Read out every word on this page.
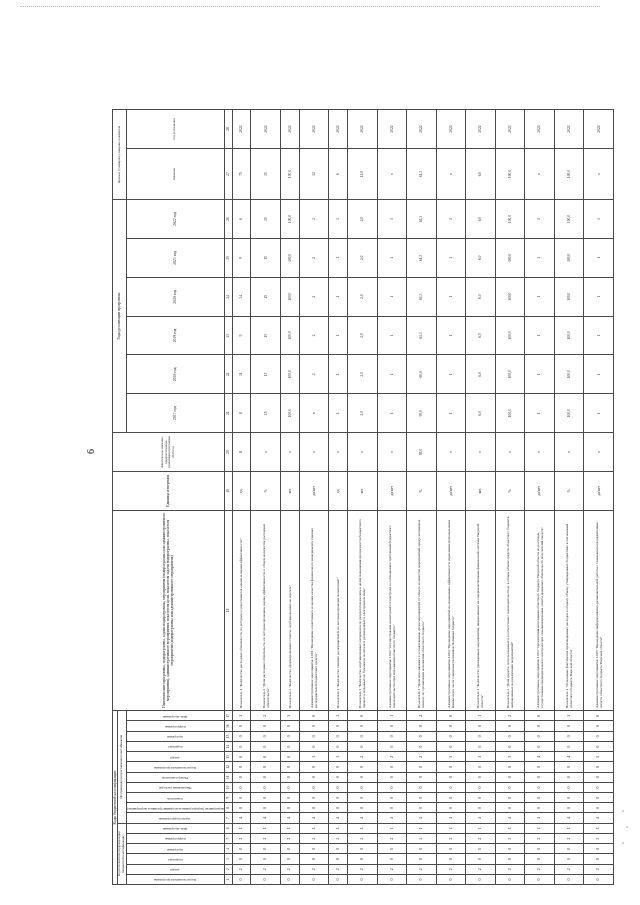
6
Коды бюджетной классификации																	Наименование программы, подпрограммы, задачи подпрограммы, мероприятия (подпрограммы или административного мероприятия), административного мероприятия, показателя цели, показателя задачи подпрограммы, показателя мероприятия (подпрограммы или административного мероприятия)	Единица измерения	Фактическое значение, предшествующее реализации программы 2016 год	Годы реализации программы						Целевое (суммарное) значение показателя	
Код исполнителя (подразделения бюджетной классификации)						Программная (непрограммная) классификация																					

Код исполнителя программы	раздел	подраздел	программа	подпрограмма	Цель программы	задача подпрограммы	мероприятие (подпрограммы или административное мероприятие)	показатель	Направление расходов	Номер показателя	Код исполнителя программы	раздел	подраздел	программа	подпрограмма	Цель программы				2017 год	2018 год	2019 год	2020 год	2021 год	2022 год	значение	год достижения
1	2	3	4	5	6	7	8	9	10	11	12	13	14	15	16	17	18	19	20	21	22	23	24	25	26	27	28
0	2	0	0	2	1	4	0	0	0	0	0	0	0	0	0	1	Показатель 1 "Количество расходных обязательств, по которым осуществляется анализ и оценка эффективности"	ед.	8	8	31	9	34	9	6	75	2022
0	2	0	0	2	1	4	0	0	0	0	0	0	0	0	0	2	Показатель 2 "Доля расходных обязательств, по которым проведена оценка эффективности, в общем количестве расходных обязательств"	%	х	15	15	15	15	15	15	15	2022
0	2	0	0	2	1	4	0	0	0	0	0	0	0	0	0	3	Показатель 3 "Количество сформированных отчетов, опубликованных на портале"	шт.	х	100,0	100,0	100,0	100,0	100,0	100,0	100,0	2022
0	2	0	0	2	1	4	0	0	0	0	0	1	0	0	0	0	Административное мероприятие 1.001 "Проведение мониторинга и оценки качества финансового менеджмента главных распорядителей бюджетных средств"	да/нет	х	х	2	2	2	2	2	12	2022
0	2	0	0	2	1	4	0	0	0	0	0	1	0	0	0	1	Показатель 1 "Количество главных распорядителей, по которым проведен мониторинг"	ед.	х	1	1	1	1	1	1	6	2022
0	2	0	0	2	1	4	0	0	0	0	0	2	0	0	0	0	Показатель 1 "Количество опубликованных материалов по результатам анализа в целях повышения прозрачности бюджетного процесса, изданных на бумажном носителе и размещенных в электронном виде"	шт.	х	2,0	2,0	2,0	2,0	2,0	2,0	12,0	2022
0	2	0	0	2	1	4	0	0	0	0	0	2	0	0	0	1	Административное мероприятие 1.002 "Осуществление мониторинга и контроля за соблюдением требований бюджетного законодательства при исполнении областного бюджета"	да/нет	х	1	1	1	1	1	1	х	2022
0	2	0	0	2	1	4	0	0	0	0	0	2	0	0	0	2	Показатель 1 "Доля исполненных в установленные сроки мероприятий от общего количества мероприятий, предусмотренных планом, по организации исполнения областного бюджета"	%	95,0	95,0	60,0	61,3	61,3	61,3	61,3	61,3	2022
0	2	0	0	2	1	4	0	0	0	0	0	3	0	0	0	0	Административное мероприятие 1.003 "Проведение мероприятий по повышению эффективности управления региональными финансами в части совершенствования исполнения бюджета"	да/нет	х	1	1	1	1	1	1	х	2022
0	2	0	0	2	1	4	0	0	0	0	0	3	0	0	0	1	Показатель 1 "Количество проведенных мероприятий, направленных на совершенствование финансовой системы Тверской области"	шт.	х	6,0	6,0	6,5	6,0	6,0	6,0	6,0	2022
0	2	0	0	2	1	4	0	0	0	0	0	3	0	0	0	2	Показатель 2 "Доля средств, использованных в соответствии с законодательством, в общем объеме средств областного бюджета, направленных на реализацию мероприятий"	%	х	100,0	100,0	100,0	100,0	100,0	100,0	100,0	2022
0	2	0	0	2	1	4	0	0	0	0	0	4	0	0	0	0	Административное мероприятие 1.004 "Организация исполнения областного бюджета Тверской области по расходам, осуществление предварительного контроля при санкционировании оплаты денежных обязательств получателей средств"	да/нет	х	1	1	1	1	1	1	х	2022
0	2	0	0	2	1	4	0	0	0	0	0	4	0	0	0	1	Показатель 1 "Отношение фактически произведенных расходов к общему объему утвержденных бюджетных ассигнований областного бюджета Тверской области"	%	х	100,0	100,0	100,0	100,0	100,0	100,0	100,0	2022
0	2	0	0	2	1	4	0	0	0	0	0	5	0	0	0	0	Административное мероприятие 1.005 "Проведение информационно-разъяснительной работы с главными распорядителями средств областного бюджета Тверской области"	да/нет	х	1	1	1	1	1	1	х	2022
